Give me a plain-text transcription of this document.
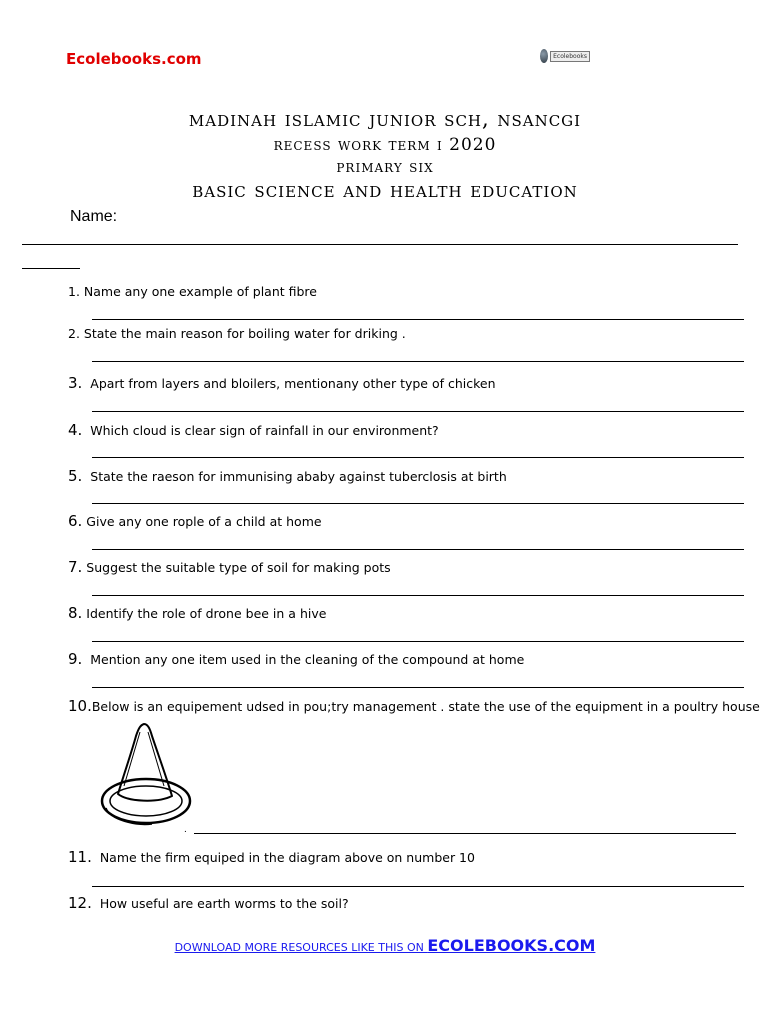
Ecolebooks.com	Ecolebooks
madinah islamic junior sch, nsancgi
recess work term i 2020
primary six
basic science and health education
Name:
1. Name any one example of plant fibre
2. State the main reason for boiling water for driking .
3. Apart from layers and bloilers, mentionany other type of chicken
4. Which cloud is clear sign of rainfall in our environment?
5. State the raeson for immunising ababy against tuberclosis at birth
6. Give any one rople of a child at home
7. Suggest the suitable type of soil for making pots
8. Identify the role of drone bee in a hive
9. Mention any one item used in the cleaning of the compound at home
10.Below is an equipement udsed in pou;try management . state the use of the equipment in a poultry house
.
11. Name the firm equiped in the diagram above on number 10
12. How useful are earth worms to the soil?
DOWNLOAD MORE RESOURCES LIKE THIS ON ECOLEBOOKS.COM
